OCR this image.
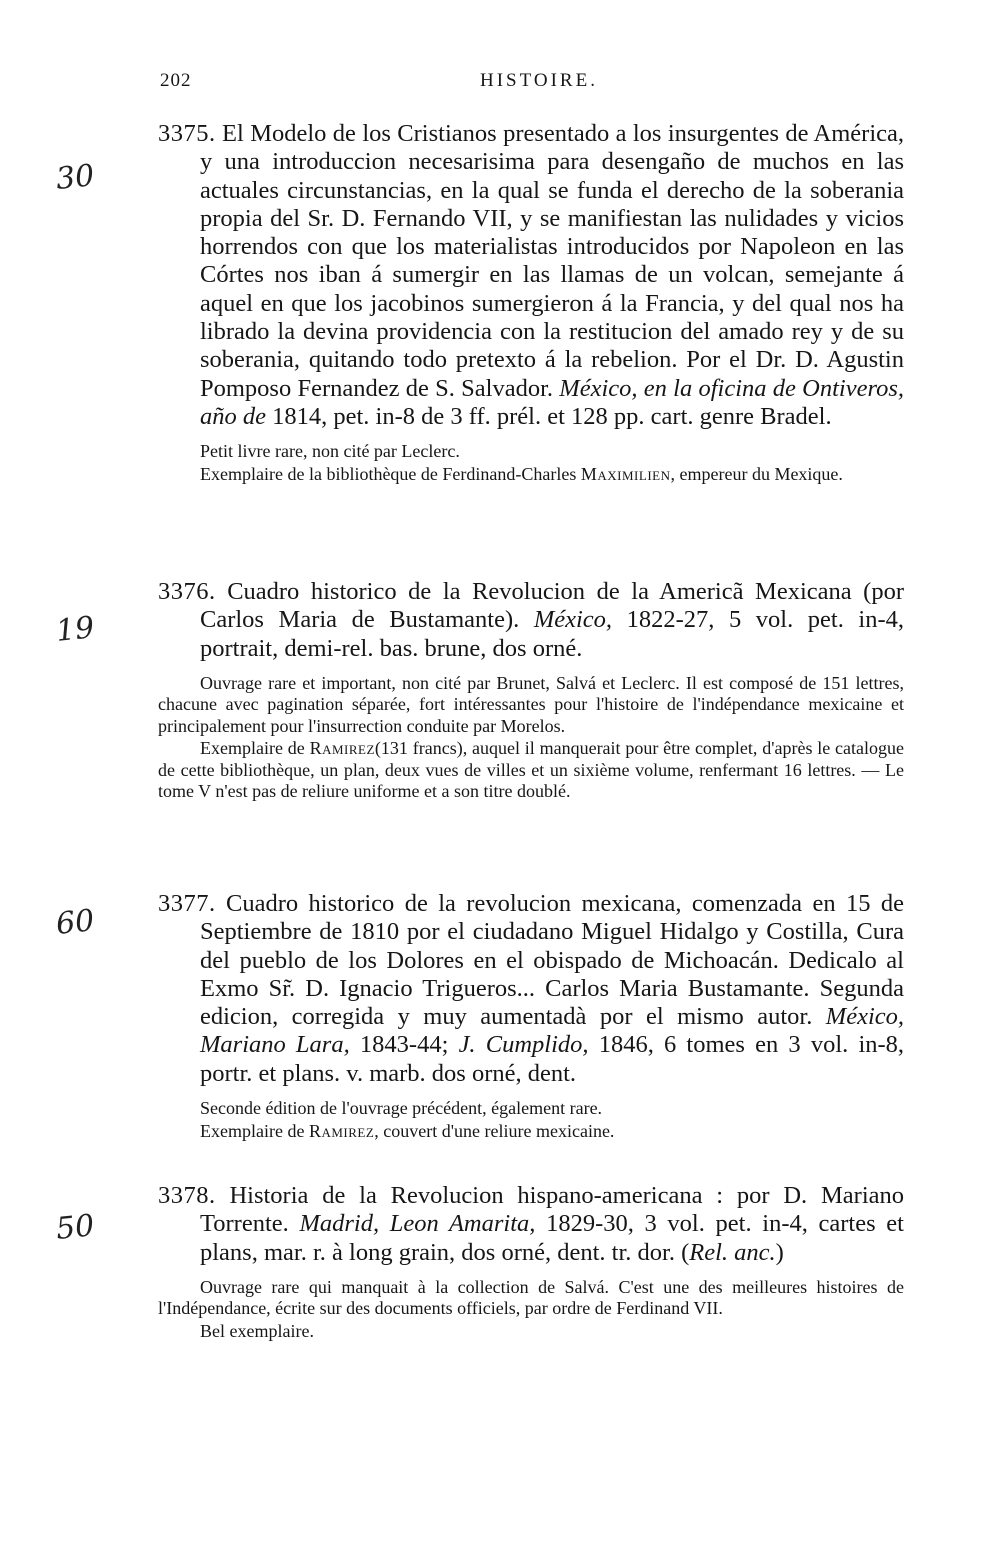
202	HISTOIRE.
30
19
60
50

3375. El Modelo de los Cristianos presentado a los insurgentes de América, y una introduccion necesarisima para desengaño de muchos en las actuales circunstancias, en la qual se funda el derecho de la soberania propia del Sr. D. Fernando VII, y se manifiestan las nulidades y vicios horrendos con que los materialistas introducidos por Napoleon en las Córtes nos iban á sumergir en las llamas de un volcan, semejante á aquel en que los jacobinos sumergieron á la Francia, y del qual nos ha librado la devina providencia con la restitucion del amado rey y de su soberania, quitando todo pretexto á la rebelion. Por el Dr. D. Agustin Pomposo Fernandez de S. Salvador. México, en la oficina de Ontiveros, año de 1814, pet. in-8 de 3 ff. prél. et 128 pp. cart. genre Bradel.

Petit livre rare, non cité par Leclerc.

Exemplaire de la bibliothèque de Ferdinand-Charles Maximilien, empereur du Mexique.

3376. Cuadro historico de la Revolucion de la Americã Mexicana (por Carlos Maria de Bustamante). México, 1822-27, 5 vol. pet. in-4, portrait, demi-rel. bas. brune, dos orné.

Ouvrage rare et important, non cité par Brunet, Salvá et Leclerc. Il est composé de 151 lettres, chacune avec pagination séparée, fort intéressantes pour l'histoire de l'indépendance mexicaine et principalement pour l'insurrection conduite par Morelos.

Exemplaire de Ramirez(131 francs), auquel il manquerait pour être complet, d'après le catalogue de cette bibliothèque, un plan, deux vues de villes et un sixième volume, renfermant 16 lettres. — Le tome V n'est pas de reliure uniforme et a son titre doublé.

3377. Cuadro historico de la revolucion mexicana, comenzada en 15 de Septiembre de 1810 por el ciudadano Miguel Hidalgo y Costilla, Cura del pueblo de los Dolores en el obispado de Michoacán. Dedicalo al Exmo Sr̃. D. Ignacio Trigueros... Carlos Maria Bustamante. Segunda edicion, corregida y muy aumentadà por el mismo autor. México, Mariano Lara, 1843-44; J. Cumplido, 1846, 6 tomes en 3 vol. in-8, portr. et plans. v. marb. dos orné, dent.

Seconde édition de l'ouvrage précédent, également rare.

Exemplaire de Ramirez, couvert d'une reliure mexicaine.

3378. Historia de la Revolucion hispano-americana : por D. Mariano Torrente. Madrid, Leon Amarita, 1829-30, 3 vol. pet. in-4, cartes et plans, mar. r. à long grain, dos orné, dent. tr. dor. (Rel. anc.)

Ouvrage rare qui manquait à la collection de Salvá. C'est une des meilleures histoires de l'Indépendance, écrite sur des documents officiels, par ordre de Ferdinand VII.

Bel exemplaire.
